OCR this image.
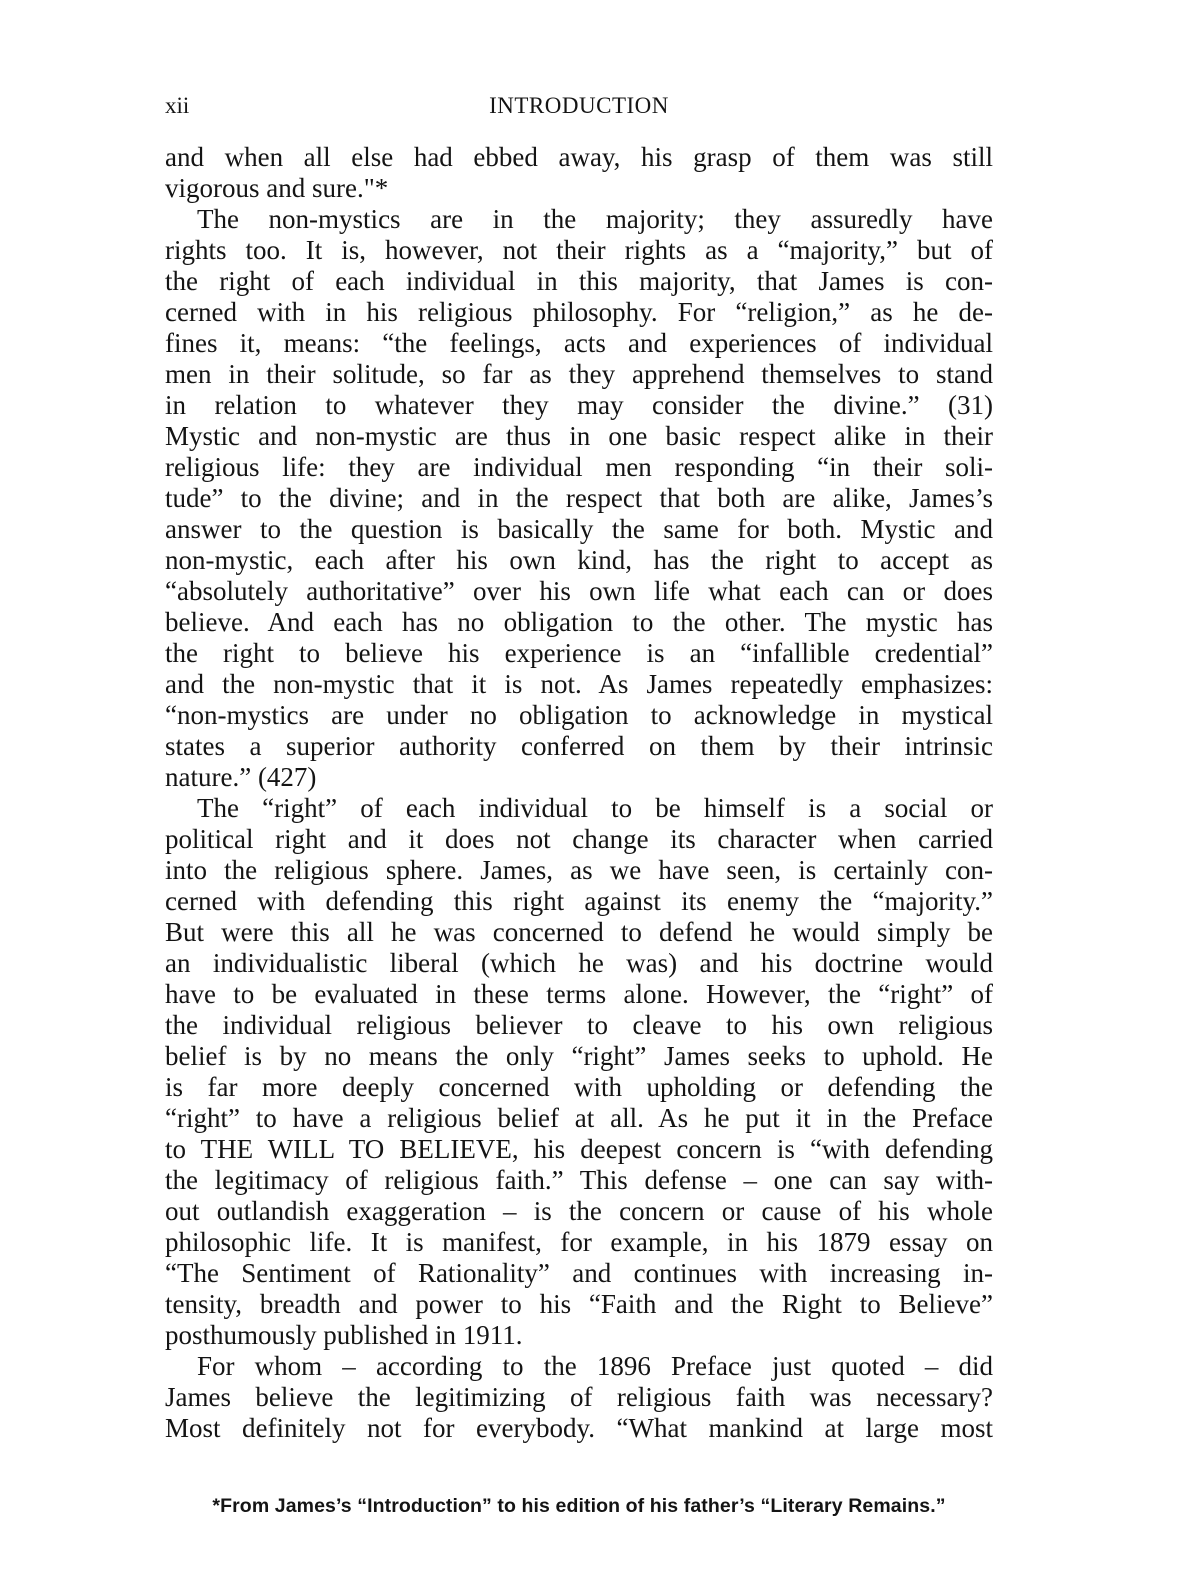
xii	INTRODUCTION

and when all else had ebbed away, his grasp of them was still

vigorous and sure."*

The non-mystics are in the majority; they assuredly have

rights too. It is, however, not their rights as a “majority,” but of

the right of each individual in this majority, that James is con-

cerned with in his religious philosophy. For “religion,” as he de-

fines it, means: “the feelings, acts and experiences of individual

men in their solitude, so far as they apprehend themselves to stand

in relation to whatever they may consider the divine.” (31)

Mystic and non-mystic are thus in one basic respect alike in their

religious life: they are individual men responding “in their soli-

tude” to the divine; and in the respect that both are alike, James’s

answer to the question is basically the same for both. Mystic and

non-mystic, each after his own kind, has the right to accept as

“absolutely authoritative” over his own life what each can or does

believe. And each has no obligation to the other. The mystic has

the right to believe his experience is an “infallible credential”

and the non-mystic that it is not. As James repeatedly emphasizes:

“non-mystics are under no obligation to acknowledge in mystical

states a superior authority conferred on them by their intrinsic

nature.” (427)

The “right” of each individual to be himself is a social or

political right and it does not change its character when carried

into the religious sphere. James, as we have seen, is certainly con-

cerned with defending this right against its enemy the “majority.”

But were this all he was concerned to defend he would simply be

an individualistic liberal (which he was) and his doctrine would

have to be evaluated in these terms alone. However, the “right” of

the individual religious believer to cleave to his own religious

belief is by no means the only “right” James seeks to uphold. He

is far more deeply concerned with upholding or defending the

“right” to have a religious belief at all. As he put it in the Preface

to THE WILL TO BELIEVE, his deepest concern is “with defending

the legitimacy of religious faith.” This defense – one can say with-

out outlandish exaggeration – is the concern or cause of his whole

philosophic life. It is manifest, for example, in his 1879 essay on

“The Sentiment of Rationality” and continues with increasing in-

tensity, breadth and power to his “Faith and the Right to Believe”

posthumously published in 1911.

For whom – according to the 1896 Preface just quoted – did

James believe the legitimizing of religious faith was necessary?

Most definitely not for everybody. “What mankind at large most

*From James’s “Introduction” to his edition of his father’s “Literary Remains.”
